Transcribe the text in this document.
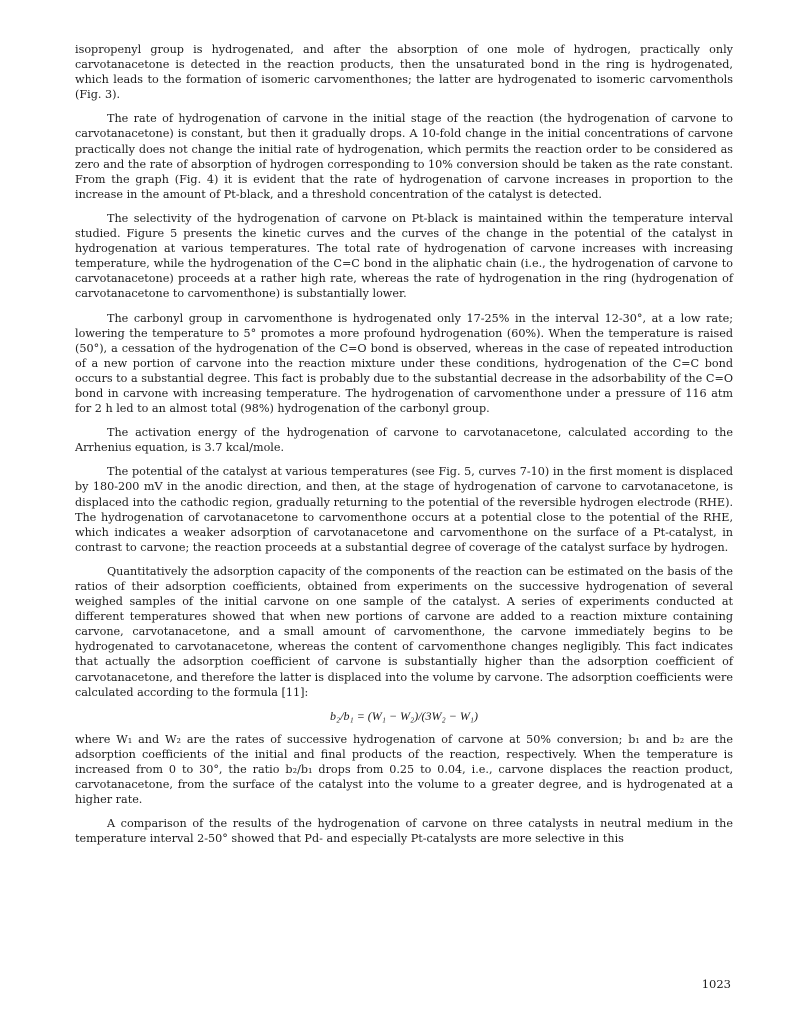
isopropenyl group is hydrogenated, and after the absorption of one mole of hydrogen, practically only carvotanacetone is detected in the reaction products, then the unsaturated bond in the ring is hydrogenated, which leads to the formation of isomeric carvomenthones; the latter are hydrogenated to isomeric carvomenthols (Fig. 3).

The rate of hydrogenation of carvone in the initial stage of the reaction (the hydrogenation of carvone to carvotanacetone) is constant, but then it gradually drops. A 10-fold change in the initial concentrations of carvone practically does not change the initial rate of hydrogenation, which permits the reaction order to be considered as zero and the rate of absorption of hydrogen corresponding to 10% conversion should be taken as the rate constant. From the graph (Fig. 4) it is evident that the rate of hydrogenation of carvone increases in proportion to the increase in the amount of Pt-black, and a threshold concentration of the catalyst is detected.

The selectivity of the hydrogenation of carvone on Pt-black is maintained within the temperature interval studied. Figure 5 presents the kinetic curves and the curves of the change in the potential of the catalyst in hydrogenation at various temperatures. The total rate of hydrogenation of carvone increases with increasing temperature, while the hydrogenation of the C=C bond in the aliphatic chain (i.e., the hydrogenation of carvone to carvotanacetone) proceeds at a rather high rate, whereas the rate of hydrogenation in the ring (hydrogenation of carvotanacetone to carvomenthone) is substantially lower.

The carbonyl group in carvomenthone is hydrogenated only 17-25% in the interval 12-30°, at a low rate; lowering the temperature to 5° promotes a more profound hydrogenation (60%). When the temperature is raised (50°), a cessation of the hydrogenation of the C=O bond is observed, whereas in the case of repeated introduction of a new portion of carvone into the reaction mixture under these conditions, hydrogenation of the C=C bond occurs to a substantial degree. This fact is probably due to the substantial decrease in the adsorbability of the C=O bond in carvone with increasing temperature. The hydrogenation of carvomenthone under a pressure of 116 atm for 2 h led to an almost total (98%) hydrogenation of the carbonyl group.

The activation energy of the hydrogenation of carvone to carvotanacetone, calculated according to the Arrhenius equation, is 3.7 kcal/mole.

The potential of the catalyst at various temperatures (see Fig. 5, curves 7-10) in the first moment is displaced by 180-200 mV in the anodic direction, and then, at the stage of hydrogenation of carvone to carvotanacetone, is displaced into the cathodic region, gradually returning to the potential of the reversible hydrogen electrode (RHE). The hydrogenation of carvotanacetone to carvomenthone occurs at a potential close to the potential of the RHE, which indicates a weaker adsorption of carvotanacetone and carvomenthone on the surface of a Pt-catalyst, in contrast to carvone; the reaction proceeds at a substantial degree of coverage of the catalyst surface by hydrogen.

Quantitatively the adsorption capacity of the components of the reaction can be estimated on the basis of the ratios of their adsorption coefficients, obtained from experiments on the successive hydrogenation of several weighed samples of the initial carvone on one sample of the catalyst. A series of experiments conducted at different temperatures showed that when new portions of carvone are added to a reaction mixture containing carvone, carvotanacetone, and a small amount of carvomenthone, the carvone immediately begins to be hydrogenated to carvotanacetone, whereas the content of carvomenthone changes negligibly. This fact indicates that actually the adsorption coefficient of carvone is substantially higher than the adsorption coefficient of carvotanacetone, and therefore the latter is displaced into the volume by carvone. The adsorption coefficients were calculated according to the formula [11]:

b₂/b₁ = (W₁ − W₂)/(3W₂ − W₁)

where W₁ and W₂ are the rates of successive hydrogenation of carvone at 50% conversion; b₁ and b₂ are the adsorption coefficients of the initial and final products of the reaction, respectively. When the temperature is increased from 0 to 30°, the ratio b₂/b₁ drops from 0.25 to 0.04, i.e., carvone displaces the reaction product, carvotanacetone, from the surface of the catalyst into the volume to a greater degree, and is hydrogenated at a higher rate.

A comparison of the results of the hydrogenation of carvone on three catalysts in neutral medium in the temperature interval 2-50° showed that Pd- and especially Pt-catalysts are more selective in this

1023
